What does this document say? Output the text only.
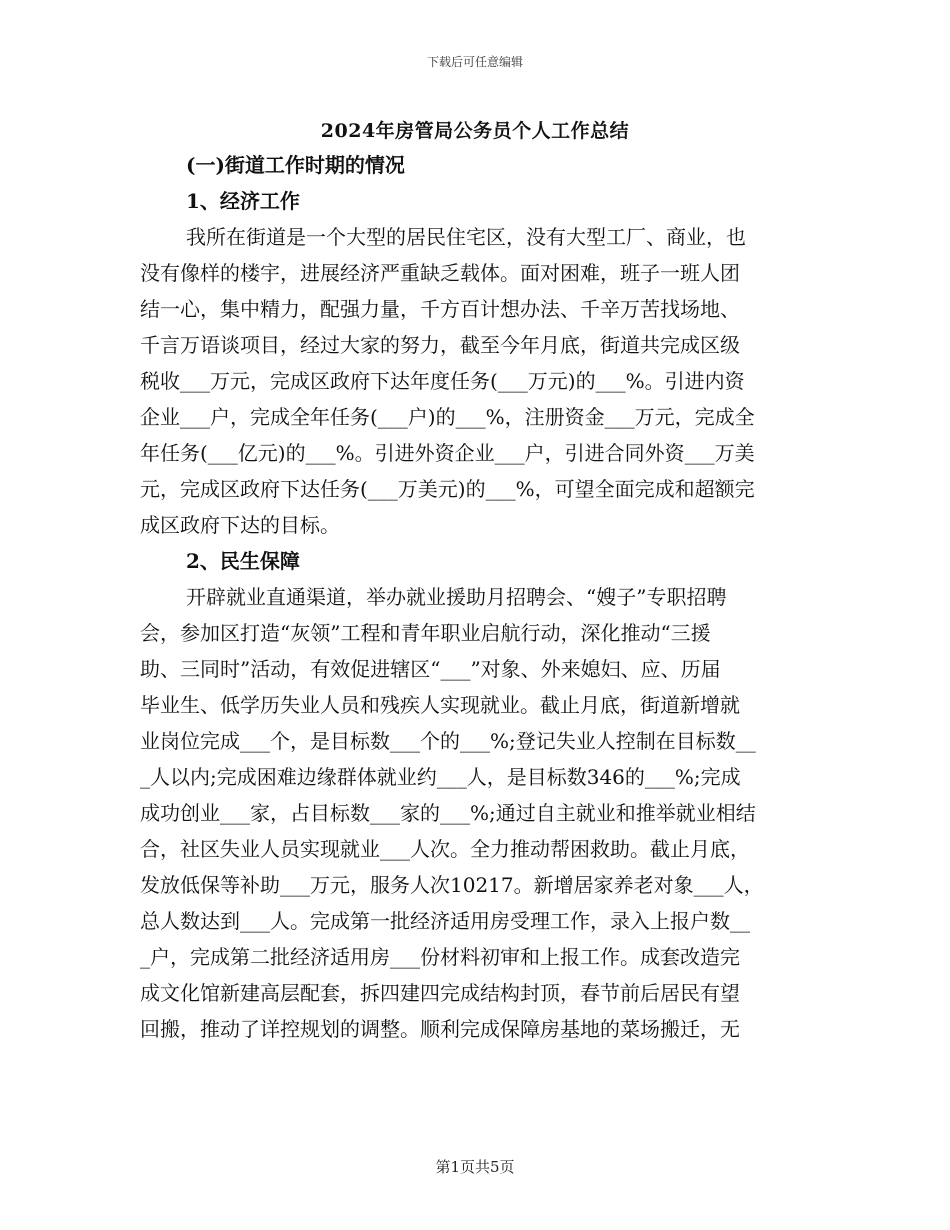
下载后可任意编辑
2024年房管局公务员个人工作总结
(一)街道工作时期的情况
1、经济工作
我所在街道是一个大型的居民住宅区，没有大型工厂、商业，也
没有像样的楼宇，进展经济严重缺乏载体。面对困难，班子一班人团
结一心，集中精力，配强力量，千方百计想办法、千辛万苦找场地、
千言万语谈项目，经过大家的努力，截至今年月底，街道共完成区级
税收___万元，完成区政府下达年度任务(___万元)的___%。引进内资
企业___户，完成全年任务(___户)的___%，注册资金___万元，完成全
年任务(___亿元)的___%。引进外资企业___户，引进合同外资___万美
元，完成区政府下达任务(___万美元)的___%，可望全面完成和超额完
成区政府下达的目标。
2、民生保障
开辟就业直通渠道，举办就业援助月招聘会、“嫂子”专职招聘
会，参加区打造“灰领”工程和青年职业启航行动，深化推动“三援
助、三同时”活动，有效促进辖区“___”对象、外来媳妇、应、历届
毕业生、低学历失业人员和残疾人实现就业。截止月底，街道新增就
业岗位完成___个，是目标数___个的___%;登记失业人控制在目标数__
_人以内;完成困难边缘群体就业约___人，是目标数346的___%;完成
成功创业___家，占目标数___家的___%;通过自主就业和推举就业相结
合，社区失业人员实现就业___人次。全力推动帮困救助。截止月底，
发放低保等补助___万元，服务人次10217。新增居家养老对象___人，
总人数达到___人。完成第一批经济适用房受理工作，录入上报户数__
_户，完成第二批经济适用房___份材料初审和上报工作。成套改造完
成文化馆新建高层配套，拆四建四完成结构封顶，春节前后居民有望
回搬，推动了详控规划的调整。顺利完成保障房基地的菜场搬迁，无
第1页共5页
